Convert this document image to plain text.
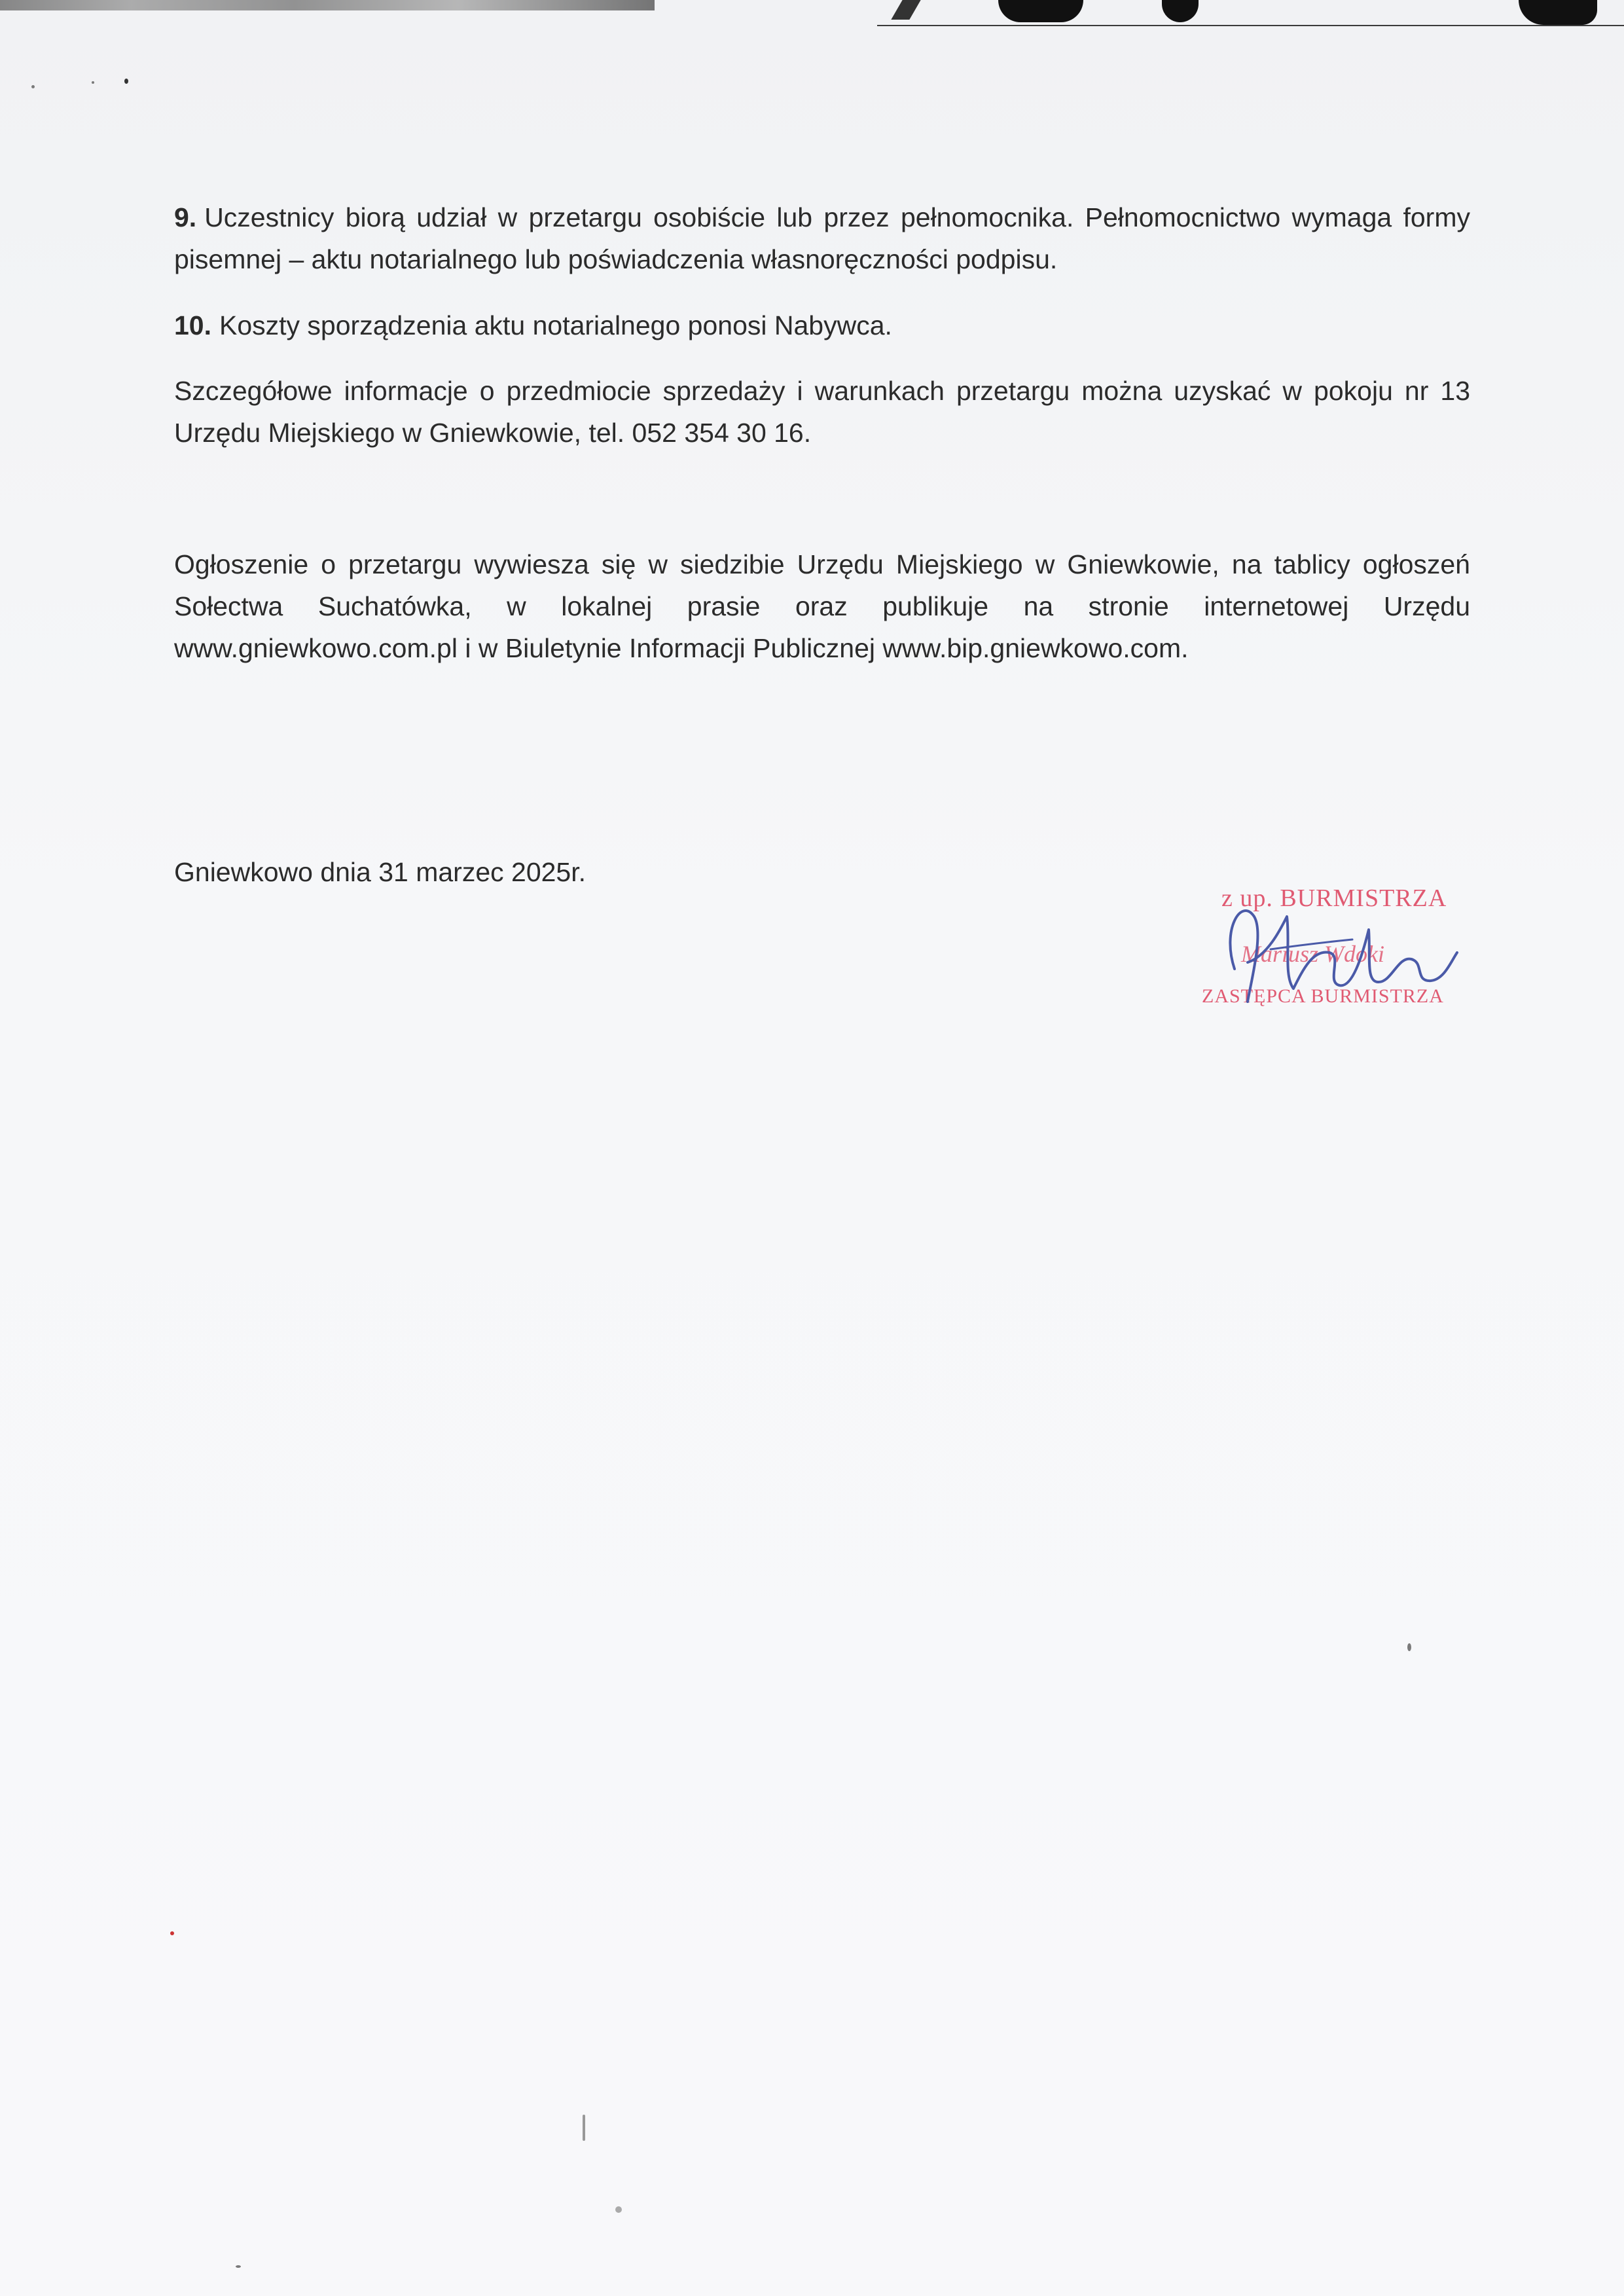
9. Uczestnicy biorą udział w przetargu osobiście lub przez pełnomocnika. Pełnomocnictwo wymaga formy pisemnej – aktu notarialnego lub poświadczenia własnoręczności podpisu.

10. Koszty sporządzenia aktu notarialnego ponosi Nabywca.

Szczegółowe informacje o przedmiocie sprzedaży i warunkach przetargu można uzyskać w pokoju nr 13 Urzędu Miejskiego w Gniewkowie, tel. 052 354 30 16.

Ogłoszenie o przetargu wywiesza się w siedzibie Urzędu Miejskiego w Gniewkowie, na tablicy ogłoszeń Sołectwa Suchatówka, w lokalnej prasie oraz publikuje na stronie internetowej Urzędu www.gniewkowo.com.pl i w Biuletynie Informacji Publicznej www.bip.gniewkowo.com.

Gniewkowo dnia 31 marzec 2025r.

z up. BURMISTRZA
Mariusz Wdoki
ZASTĘPCA BURMISTRZA
